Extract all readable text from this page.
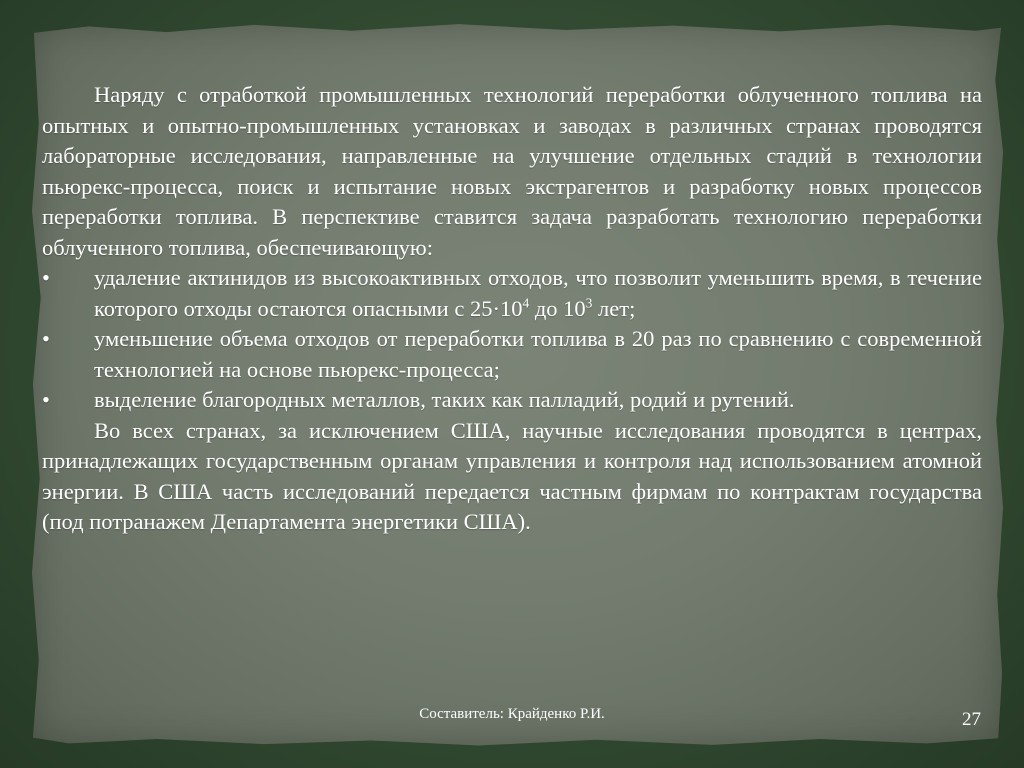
Наряду с отработкой промышленных технологий переработки облученного топлива на опытных и опытно-промышленных установках и заводах в различных странах проводятся лабораторные исследования, направленные на улучшение отдельных стадий в технологии пьюрекс-процесса, поиск и испытание новых экстрагентов и разработку новых процессов переработки топлива. В перспективе ставится задача разработать технологию переработки облученного топлива, обеспечивающую:

• удаление актинидов из высокоактивных отходов, что позволит уменьшить время, в течение которого отходы остаются опасными с $25\cdot 10^4$ до $10^3$ лет;

• уменьшение объема отходов от переработки топлива в 20 раз по сравнению с современной технологией на основе пьюрекс-процесса;

• выделение благородных металлов, таких как палладий, родий и рутений.

Во всех странах, за исключением США, научные исследования проводятся в центрах, принадлежащих государственным органам управления и контроля над использованием атомной энергии. В США часть исследований передается частным фирмам по контрактам государства (под потранажем Департамента энергетики США).

Составитель: Крайденко Р.И.	27
